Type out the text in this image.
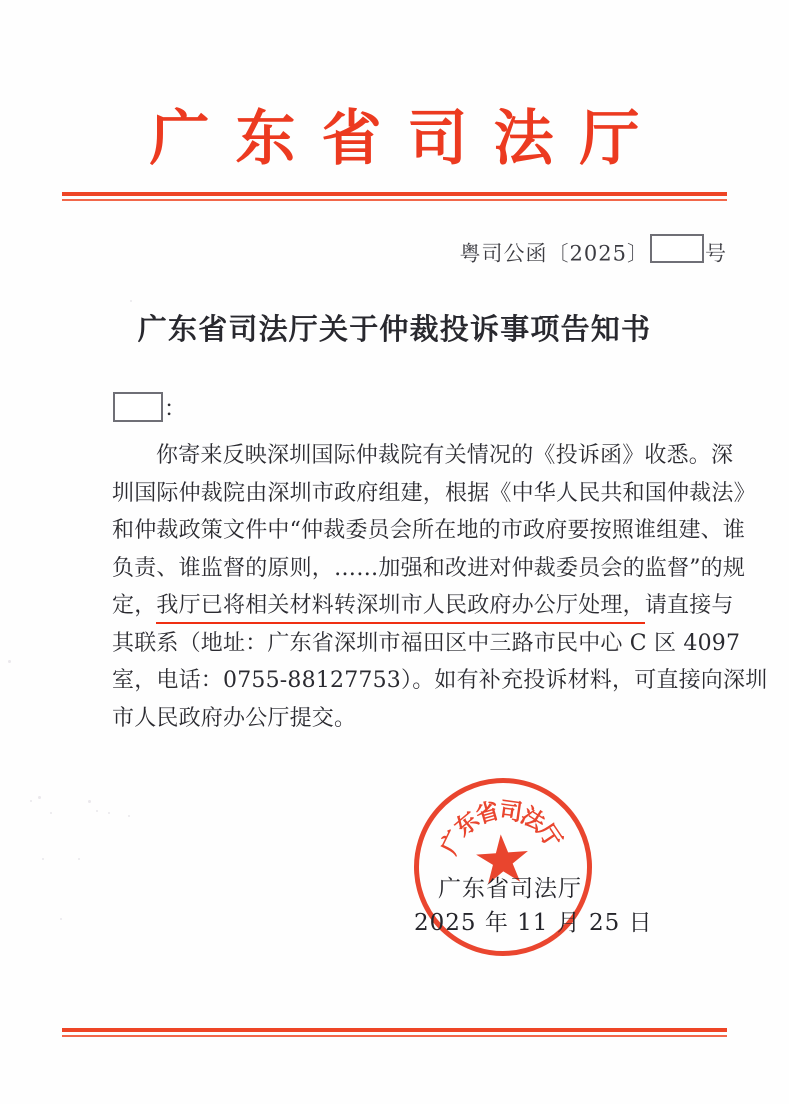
广东省司法厅
粤司公函〔2025〕	号
广东省司法厅关于仲裁投诉事项告知书
：
你寄来反映深圳国际仲裁院有关情况的《投诉函》收悉。深
圳国际仲裁院由深圳市政府组建，根据《中华人民共和国仲裁法》
和仲裁政策文件中“仲裁委员会所在地的市政府要按照谁组建、谁
负责、谁监督的原则，……加强和改进对仲裁委员会的监督”的规
定，我厅已将相关材料转深圳市人民政府办公厅处理，请直接与
其联系（地址：广东省深圳市福田区中三路市民中心 C 区 4097
室，电话：0755-88127753）。如有补充投诉材料，可直接向深圳
市人民政府办公厅提交。
广
东
省
司
法
厅
广东省司法厅
2025 年 11 月 25 日
